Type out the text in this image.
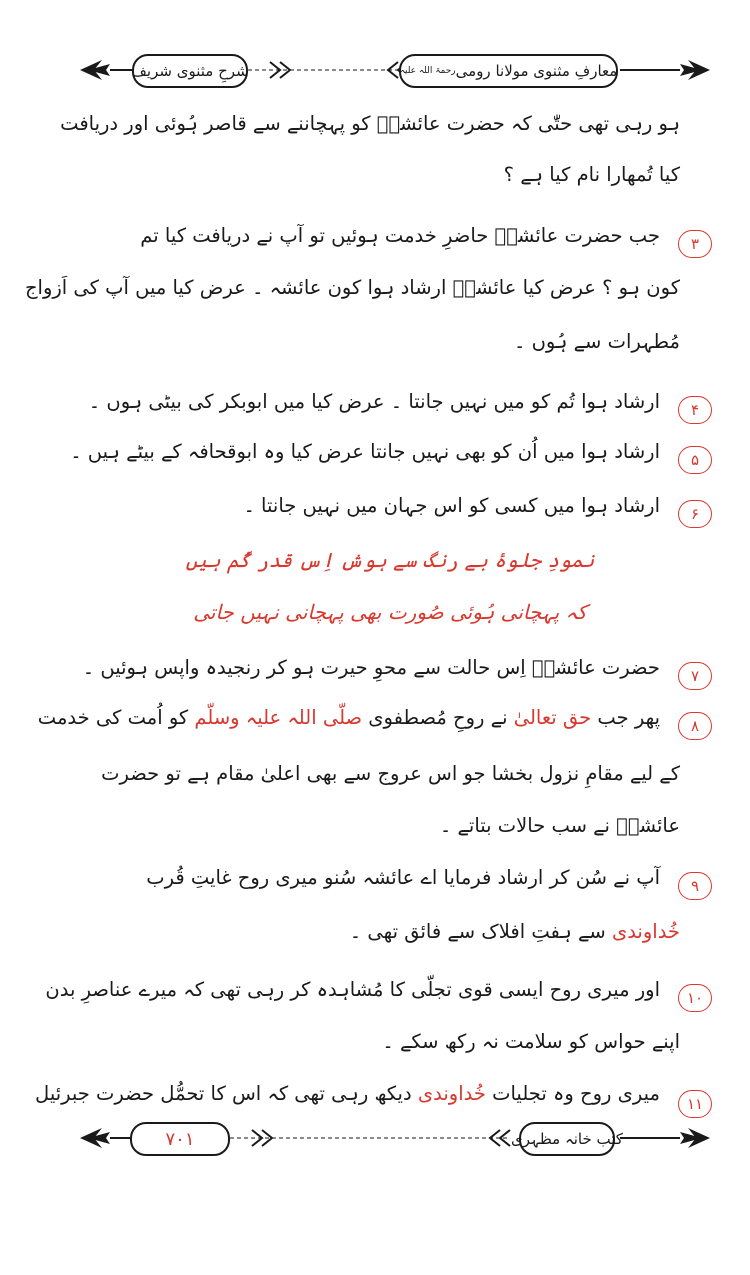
شرحِ مثنوی شریف	معارفِ مثنوی مولانا رومی
رحمۃ اللہ علیہ
ہو رہی تھی حتّٰی کہ حضرت عائشہؓ کو پہچاننے سے قاصر ہُوئی اور دریافت
کیا تُمھارا نام کیا ہے ؟
۳
جب حضرت عائشہؓ حاضرِ خدمت ہوئیں تو آپ نے دریافت کیا تم
کون ہو ؟ عرض کیا عائشہؓ ارشاد ہوا کون عائشہ ۔ عرض کیا میں آپ کی اَزواج
مُطہرات سے ہُوں ۔
۴
ارشاد ہوا تُم کو میں نہیں جانتا ۔ عرض کیا میں ابوبکر کی بیٹی ہوں ۔
۵
ارشاد ہوا میں اُن کو بھی نہیں جانتا عرض کیا وہ ابوقحافہ کے بیٹے ہیں ۔
۶
ارشاد ہوا میں کسی کو اس جہان میں نہیں جانتا ۔
نمودِ جلوۂ بے رنگ سے ہوش اِس قدر گُم ہیں
کہ پہچانی ہُوئی صُورت بھی پہچانی نہیں جاتی
۷
حضرت عائشہؓ اِس حالت سے محوِ حیرت ہو کر رنجیدہ واپس ہوئیں ۔
۸
پھر جب حق تعالیٰ نے روحِ مُصطفوی صلّی اللہ علیہ وسلّم کو اُمت کی خدمت
کے لیے مقامِ نزول بخشا جو اس عروج سے بھی اعلیٰ مقام ہے تو حضرت
عائشہؓ نے سب حالات بتاتے ۔
۹
آپ نے سُن کر ارشاد فرمایا اے عائشہ سُنو میری روح غایتِ قُرب
خُداوندی سے ہفتِ افلاک سے فائق تھی ۔
۱۰
اور میری روح ایسی قوی تجلّی کا مُشاہدہ کر رہی تھی کہ میرے عناصرِ بدن
اپنے حواس کو سلامت نہ رکھ سکے ۔
۱۱
میری روح وہ تجلیات خُداوندی دیکھ رہی تھی کہ اس کا تحمُّل حضرت جبرئیل
۷۰۱	کتب خانہ مظہری
